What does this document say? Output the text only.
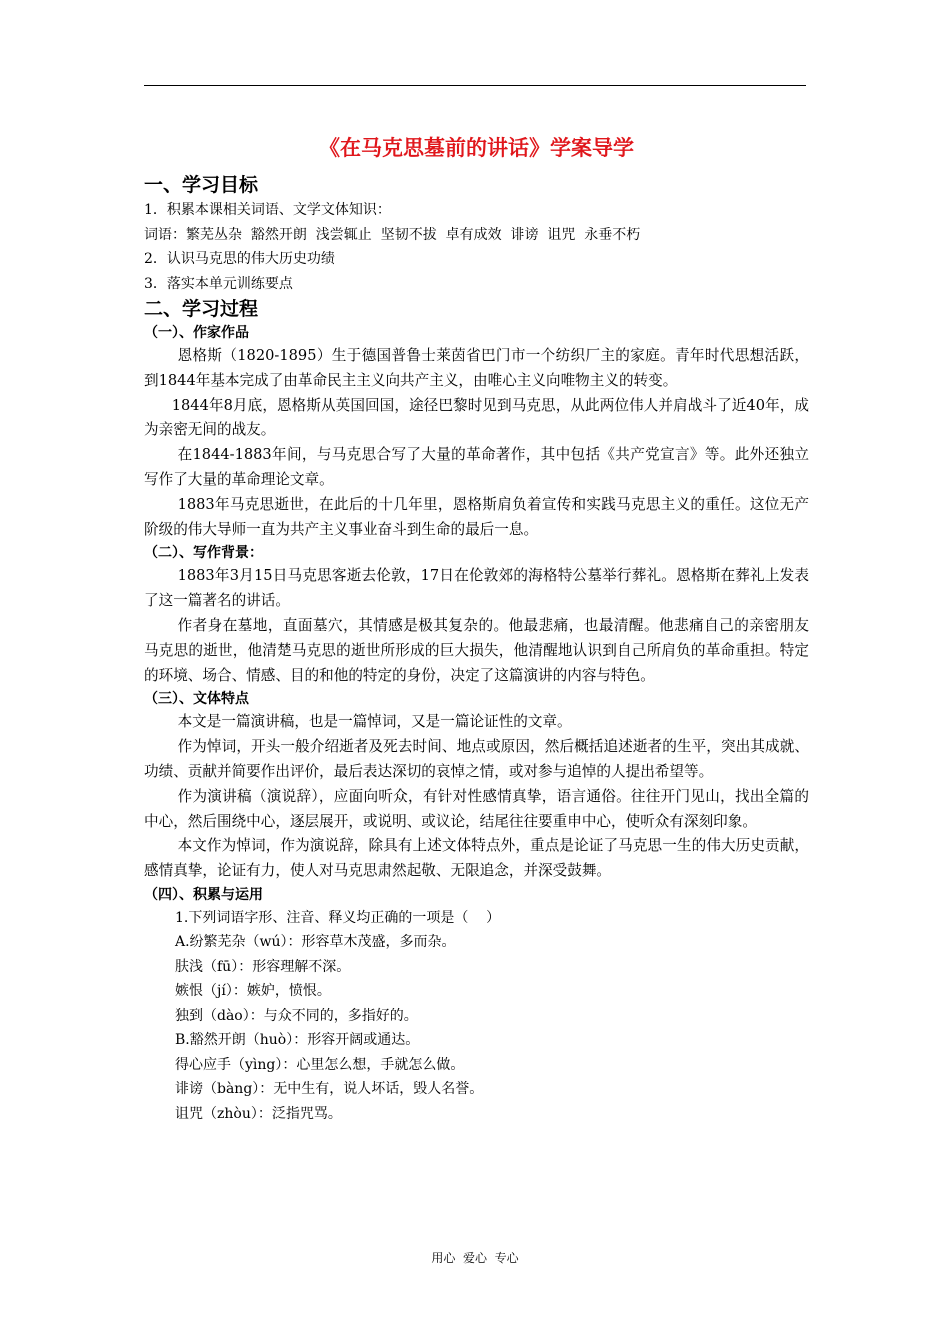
《在马克思墓前的讲话》学案导学
一、学习目标
1．积累本课相关词语、文学文体知识：
词语：繁芜丛杂  豁然开朗  浅尝辄止  坚韧不拔  卓有成效  诽谤  诅咒  永垂不朽
2．认识马克思的伟大历史功绩
3．落实本单元训练要点
二、学习过程
（一）、作家作品

恩格斯（1820-1895）生于德国普鲁士莱茵省巴门市一个纺织厂主的家庭。青年时代思想活跃，到1844年基本完成了由革命民主主义向共产主义，由唯心主义向唯物主义的转变。

1844年8月底，恩格斯从英国回国，途径巴黎时见到马克思，从此两位伟人并肩战斗了近40年，成为亲密无间的战友。

在1844-1883年间，与马克思合写了大量的革命著作，其中包括《共产党宣言》等。此外还独立写作了大量的革命理论文章。

1883年马克思逝世，在此后的十几年里，恩格斯肩负着宣传和实践马克思主义的重任。这位无产阶级的伟大导师一直为共产主义事业奋斗到生命的最后一息。

（二）、写作背景：

1883年3月15日马克思客逝去伦敦，17日在伦敦郊的海格特公墓举行葬礼。恩格斯在葬礼上发表了这一篇著名的讲话。

作者身在墓地，直面墓穴，其情感是极其复杂的。他最悲痛，也最清醒。他悲痛自己的亲密朋友 马克思的逝世，他清楚马克思的逝世所形成的巨大损失，他清醒地认识到自己所肩负的革命重担。特定的环境、场合、情感、目的和他的特定的身份，决定了这篇演讲的内容与特色。

（三）、文体特点

本文是一篇演讲稿，也是一篇悼词，又是一篇论证性的文章。

作为悼词，开头一般介绍逝者及死去时间、地点或原因，然后概括追述逝者的生平，突出其成就、功绩、贡献并简要作出评价，最后表达深切的哀悼之情，或对参与追悼的人提出希望等。

作为演讲稿（演说辞），应面向听众，有针对性感情真挚，语言通俗。往往开门见山，找出全篇的中心，然后围绕中心，逐层展开，或说明、或议论，结尾往往要重申中心，使听众有深刻印象。

本文作为悼词，作为演说辞，除具有上述文体特点外，重点是论证了马克思一生的伟大历史贡献，感情真挚，论证有力，使人对马克思肃然起敬、无限追念，并深受鼓舞。

（四）、积累与运用
1.下列词语字形、注音、释义均正确的一项是（    ）
A.纷繁芜杂（wú）：形容草木茂盛，多而杂。
肤浅（fū）：形容理解不深。
嫉恨（jí）：嫉妒，愤恨。
独到（dào）：与众不同的，多指好的。
B.豁然开朗（huò）：形容开阔或通达。
得心应手（yìng）：心里怎么想，手就怎么做。
诽谤（bàng）：无中生有，说人坏话，毁人名誉。
诅咒（zhòu）：泛指咒骂。
用心  爱心  专心
